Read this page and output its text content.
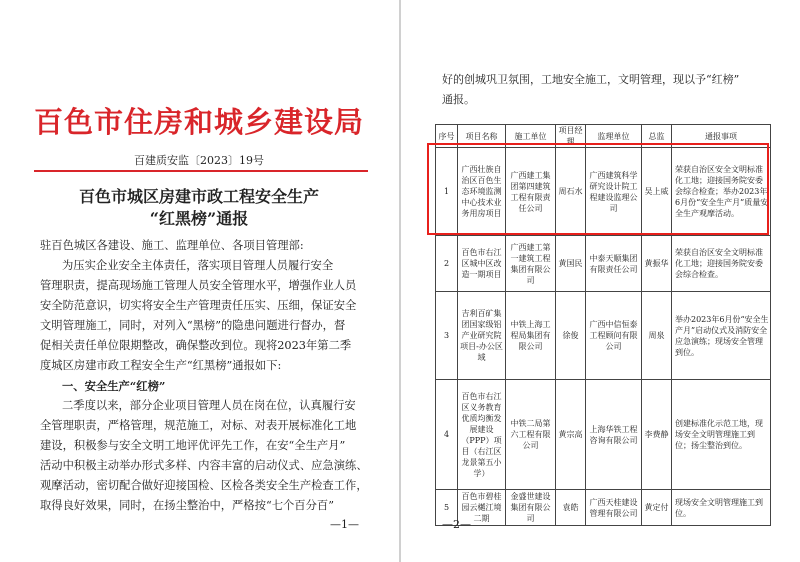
百色市住房和城乡建设局
百建质安监〔2023〕19号
百色市城区房建市政工程安全生产
“红黑榜”通报
驻百色城区各建设、施工、监理单位、各项目管理部:
为压实企业安全主体责任，落实项目管理人员履行安全
管理职责，提高现场施工管理人员安全管理水平，增强作业人员
安全防范意识，切实将安全生产管理责任压实、压细，保证安全
文明管理施工，同时，对列入“黑榜”的隐患问题进行督办，督
促相关责任单位限期整改，确保整改到位。现将2023年第二季
度城区房建市政工程安全生产“红黑榜”通报如下:
一、安全生产“红榜”
二季度以来，部分企业项目管理人员在岗在位，认真履行安
全管理职责，严格管理，规范施工，对标、对表开展标准化工地
建设，积极参与安全文明工地评优评先工作，在安“全生产月”
活动中积极主动举办形式多样、内容丰富的启动仪式、应急演练、
观摩活动，密切配合做好迎接国检、区检各类安全生产检查工作，
取得良好效果，同时，在扬尘整治中，严格按“七个百分百”
—1—
好的创城巩卫氛围，工地安全施工，文明管理，现以予“红榜”
通报。
序号	项目名称	施工单位	项目经理	监理单位	总监	通报事项
1	广西壮族自治区百色生态环境监测中心技术业务用房项目	广西建工集团第四建筑工程有限责任公司	周石水	广西建筑科学研究设计院工程建设监理公司	吴上威	荣获自治区安全文明标准化工地；迎接国务院安委会综合检查；举办2023年6月份“安全生产月”质量安全生产观摩活动。
2	百色市右江区城中区改造一期项目	广西建工第一建筑工程集团有限公司	黄国民	中泰天顺集团有限责任公司	黄振华	荣获自治区安全文明标准化工地；迎接国务院安委会综合检查。
3	吉利百矿集团国家级铝产业研究院项目-办公区域	中铁上海工程局集团有限公司	徐俊	广西中信恒泰工程顾问有限公司	周泉	举办2023年6月份“安全生产月”启动仪式及消防安全应急演练；现场安全管理到位。
4	百色市右江区义务教育优质均衡发展建设（PPP）项目（右江区龙景第五小学）	中铁二局第六工程有限公司	黄宗高	上海华铁工程咨询有限公司	李费静	创建标准化示范工地，现场安全文明管理施工到位；扬尘整治到位。
5	百色市碧桂园云樾江境二期	金盛世建设集团有限公司	袁皓	广西天桂建设管理有限公司	黄定付	现场安全文明管理施工到位。
—2—
